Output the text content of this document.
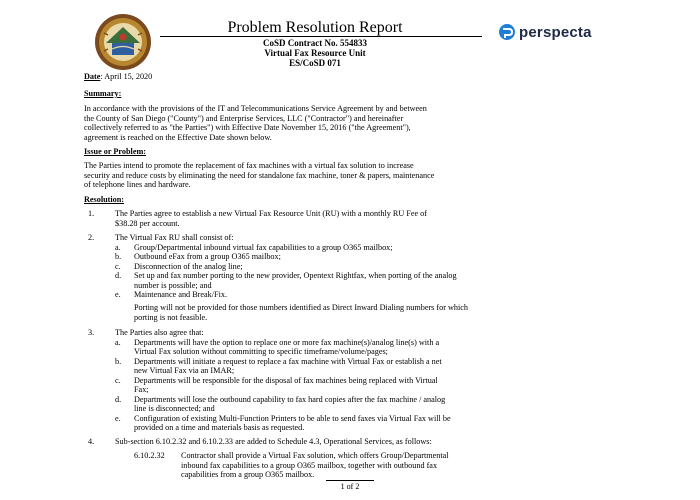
Problem Resolution Report
CoSD Contract No. 554833
Virtual Fax Resource Unit
ES/CoSD 071
perspecta
Date: April 15, 2020
Summary:
In accordance with the provisions of the IT and Telecommunications Service Agreement by and between
the County of San Diego ("County") and Enterprise Services, LLC ("Contractor") and hereinafter
collectively referred to as "the Parties") with Effective Date November 15, 2016 ("the Agreement"),
agreement is reached on the Effective Date shown below.
Issue or Problem:
The Parties intend to promote the replacement of fax machines with a virtual fax solution to increase
security and reduce costs by eliminating the need for standalone fax machine, toner & papers, maintenance
of telephone lines and hardware.
Resolution:
1.	The Parties agree to establish a new Virtual Fax Resource Unit (RU) with a monthly RU Fee of
$38.28 per account.
2.	The Virtual Fax RU shall consist of:
a. Group/Departmental inbound virtual fax capabilities to a group O365 mailbox;
b. Outbound eFax from a group O365 mailbox;
c. Disconnection of the analog line;
d. Set up and fax number porting to the new provider, Opentext Rightfax, when porting of the analog
number is possible; and
e. Maintenance and Break/Fix.
Porting will not be provided for those numbers identified as Direct Inward Dialing numbers for which
porting is not feasible.
3.	The Parties also agree that:
a. Departments will have the option to replace one or more fax machine(s)/analog line(s) with a
Virtual Fax solution without committing to specific timeframe/volume/pages;
b. Departments will initiate a request to replace a fax machine with Virtual Fax or establish a net
new Virtual Fax via an IMAR;
c. Departments will be responsible for the disposal of fax machines being replaced with Virtual
Fax;
d. Departments will lose the outbound capability to fax hard copies after the fax machine / analog
line is disconnected; and
e. Configuration of existing Multi-Function Printers to be able to send faxes via Virtual Fax will be
provided on a time and materials basis as requested.
4.	Sub-section 6.10.2.32 and 6.10.2.33 are added to Schedule 4.3, Operational Services, as follows:
6.10.2.32 Contractor shall provide a Virtual Fax solution, which offers Group/Departmental
inbound fax capabilities to a group O365 mailbox, together with outbound fax
capabilities from a group O365 mailbox.
1 of 2
